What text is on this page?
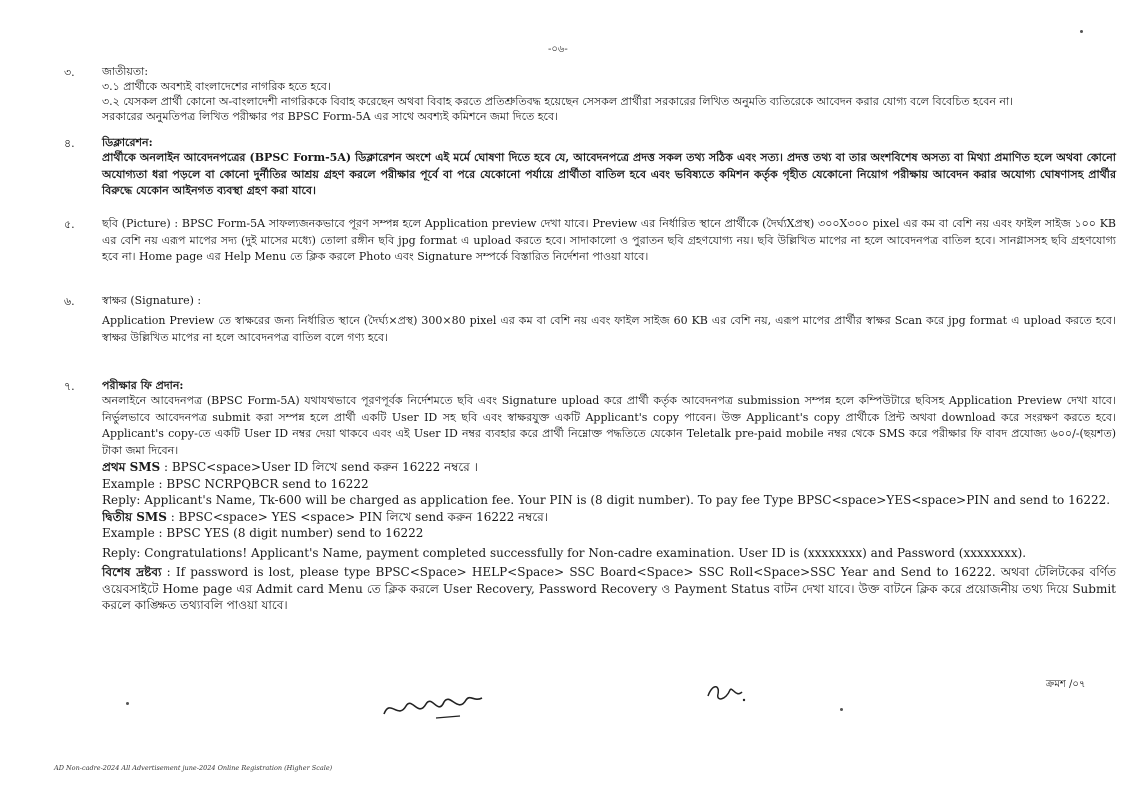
-০৬-
৩. জাতীয়তা:
৩.১ প্রার্থীকে অবশ্যই বাংলাদেশের নাগরিক হতে হবে।
৩.২ যেসকল প্রার্থী কোনো অ-বাংলাদেশী নাগরিককে বিবাহ করেছেন অথবা বিবাহ করতে প্রতিশ্রুতিবদ্ধ হয়েছেন সেসকল প্রার্থীরা সরকারের লিখিত অনুমতি ব্যতিরেকে আবেদন করার যোগ্য বলে বিবেচিত হবেন না।
সরকারের অনুমতিপত্র লিখিত পরীক্ষার পর BPSC Form-5A এর সাথে অবশ্যই কমিশনে জমা দিতে হবে।
৪. ডিক্লারেশন:
প্রার্থীকে অনলাইন আবেদনপত্রের (BPSC Form-5A) ডিক্লারেশন অংশে এই মর্মে ঘোষণা দিতে হবে যে, আবেদনপত্রে প্রদত্ত সকল তথ্য সঠিক এবং সত্য। প্রদত্ত তথ্য বা তার অংশবিশেষ অসত্য বা মিথ্যা প্রমাণিত হলে অথবা কোনো অযোগ্যতা ধরা পড়লে বা কোনো দুর্নীতির আশ্রয় গ্রহণ করলে পরীক্ষার পূর্বে বা পরে যেকোনো পর্যায়ে প্রার্থীতা বাতিল হবে এবং ভবিষ্যতে কমিশন কর্তৃক গৃহীত যেকোনো নিয়োগ পরীক্ষায় আবেদন করার অযোগ্য ঘোষণাসহ প্রার্থীর বিরুদ্ধে যেকোন আইনগত ব্যবস্থা গ্রহণ করা যাবে।
৫. ছবি (Picture) : BPSC Form-5A সাফল্যজনকভাবে পূরণ সম্পন্ন হলে Application preview দেখা যাবে। Preview এর নির্ধারিত স্থানে প্রার্থীকে (দৈর্ঘ্যXপ্রস্থ) ৩০০X৩০০ pixel এর কম বা বেশি নয় এবং ফাইল সাইজ ১০০ KB এর বেশি নয় এরূপ মাপের সদ্য (দুই মাসের মধ্যে) তোলা রঙ্গীন ছবি jpg format এ upload করতে হবে। সাদাকালো ও পুরাতন ছবি গ্রহণযোগ্য নয়। ছবি উল্লিখিত মাপের না হলে আবেদনপত্র বাতিল হবে। সানগ্লাসসহ ছবি গ্রহণযোগ্য হবে না। Home page এর Help Menu তে ক্লিক করলে Photo এবং Signature সম্পর্কে বিস্তারিত নির্দেশনা পাওয়া যাবে।
৬. স্বাক্ষর (Signature) :
Application Preview তে স্বাক্ষরের জন্য নির্ধারিত স্থানে (দৈর্ঘ্য×প্রস্থ) 300×80 pixel এর কম বা বেশি নয় এবং ফাইল সাইজ 60 KB এর বেশি নয়, এরূপ মাপের প্রার্থীর স্বাক্ষর Scan করে jpg format এ upload করতে হবে। স্বাক্ষর উল্লিখিত মাপের না হলে আবেদনপত্র বাতিল বলে গণ্য হবে।
৭. পরীক্ষার ফি প্রদান:
অনলাইনে আবেদনপত্র (BPSC Form-5A) যথাযথভাবে পূরণপূর্বক নির্দেশমতে ছবি এবং Signature upload করে প্রার্থী কর্তৃক আবেদনপত্র submission সম্পন্ন হলে কম্পিউটারে ছবিসহ Application Preview দেখা যাবে। নির্ভুলভাবে আবেদনপত্র submit করা সম্পন্ন হলে প্রার্থী একটি User ID সহ ছবি এবং স্বাক্ষরযুক্ত একটি Applicant's copy পাবেন। উক্ত Applicant's copy প্রার্থীকে প্রিন্ট অথবা download করে সংরক্ষণ করতে হবে। Applicant's copy-তে একটি User ID নম্বর দেয়া থাকবে এবং এই User ID নম্বর ব্যবহার করে প্রার্থী নিম্নোক্ত পদ্ধতিতে যেকোন Teletalk pre-paid mobile নম্বর থেকে SMS করে পরীক্ষার ফি বাবদ প্রযোজ্য ৬০০/-(ছয়শত) টাকা জমা দিবেন।
প্রথম SMS : BPSC<space>User ID লিখে send করুন 16222 নম্বরে ।
Example : BPSC NCRPQBCR send to 16222
Reply: Applicant's Name, Tk-600 will be charged as application fee. Your PIN is (8 digit number). To pay fee Type BPSC<space>YES<space>PIN and send to 16222.
দ্বিতীয় SMS : BPSC<space> YES <space> PIN লিখে send করুন 16222 নম্বরে।
Example : BPSC YES (8 digit number) send to 16222
Reply: Congratulations! Applicant's Name, payment completed successfully for Non-cadre examination. User ID is (xxxxxxxx) and Password (xxxxxxxx).
বিশেষ দ্রষ্টব্য : If password is lost, please type BPSC<Space> HELP<Space> SSC Board<Space> SSC Roll<Space>SSC Year and Send to 16222. অথবা টেলিটকের বর্ণিত ওয়েবসাইটে Home page এর Admit card Menu তে ক্লিক করলে User Recovery, Password Recovery ও Payment Status বাটন দেখা যাবে। উক্ত বাটনে ক্লিক করে প্রয়োজনীয় তথ্য দিয়ে Submit করলে কাঙ্ক্ষিত তথ্যাবলি পাওয়া যাবে।
ক্রমশ /০৭
AD Non-cadre-2024 All Advertisement june-2024 Online Registration (Higher Scale)
